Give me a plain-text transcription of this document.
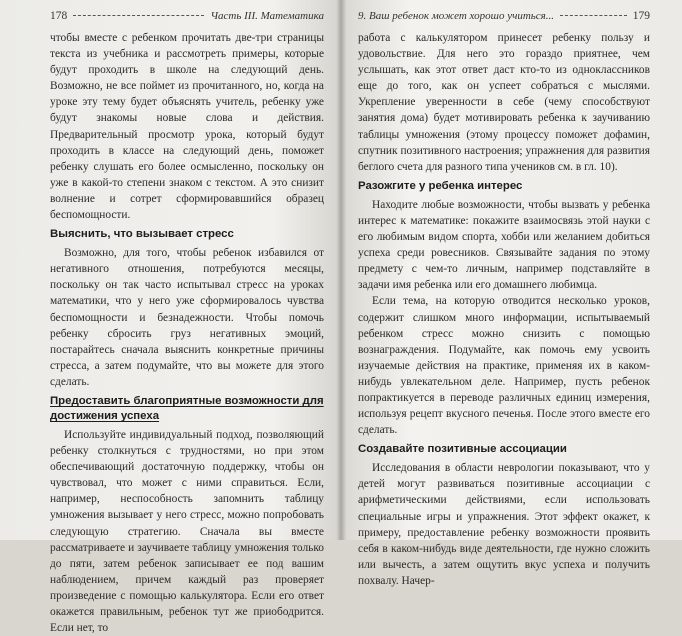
178	Часть III. Математика

чтобы вместе с ребенком прочитать две-три страницы текста из учебника и рассмотреть примеры, которые будут проходить в школе на следующий день. Возможно, не все поймет из прочитанного, но, когда на уроке эту тему будет объяснять учитель, ребенку уже будут знакомы новые слова и действия. Предварительный просмотр урока, который будут проходить в классе на следующий день, поможет ребенку слушать его более осмысленно, поскольку он уже в какой-то степени знаком с текстом. А это снизит волнение и сотрет сформировавшийся образец беспомощности.

Выяснить, что вызывает стресс

Возможно, для того, чтобы ребенок избавился от негативного отношения, потребуются месяцы, поскольку он так часто испытывал стресс на уроках математики, что у него уже сформировалось чувства беспомощности и безнадежности. Чтобы помочь ребенку сбросить груз негативных эмоций, постарайтесь сначала выяснить конкретные причины стресса, а затем подумайте, что вы можете для этого сделать.

Предоставить благоприятные возможности для достижения успеха

Используйте индивидуальный подход, позволяющий ребенку столкнуться с трудностями, но при этом обеспечивающий достаточную поддержку, чтобы он чувствовал, что может с ними справиться. Если, например, неспособность запомнить таблицу умножения вызывает у него стресс, можно попробовать следующую стратегию. Сначала вы вместе рассматриваете и заучиваете таблицу умножения только до пяти, затем ребенок записывает ее под вашим наблюдением, причем каждый раз проверяет произведение с помощью калькулятора. Если его ответ окажется правильным, ребенок тут же приободрится. Если нет, то

9. Ваш ребенок может хорошо учиться...	179

работа с калькулятором принесет ребенку пользу и удовольствие. Для него это гораздо приятнее, чем услышать, как этот ответ даст кто-то из одноклассников еще до того, как он успеет собраться с мыслями. Укрепление уверенности в себе (чему способствуют занятия дома) будет мотивировать ребенка к заучиванию таблицы умножения (этому процессу поможет дофамин, спутник позитивного настроения; упражнения для развития беглого счета для разного типа учеников см. в гл. 10).

Разожгите у ребенка интерес

Находите любые возможности, чтобы вызвать у ребенка интерес к математике: покажите взаимосвязь этой науки с его любимым видом спорта, хобби или желанием добиться успеха среди ровесников. Связывайте задания по этому предмету с чем-то личным, например подставляйте в задачи имя ребенка или его домашнего любимца.

Если тема, на которую отводится несколько уроков, содержит слишком много информации, испытываемый ребенком стресс можно снизить с помощью вознаграждения. Подумайте, как помочь ему усвоить изучаемые действия на практике, применяя их в каком-нибудь увлекательном деле. Например, пусть ребенок попрактикуется в переводе различных единиц измерения, используя рецепт вкусного печенья. После этого вместе его сделать.

Создавайте позитивные ассоциации

Исследования в области неврологии показывают, что у детей могут развиваться позитивные ассоциации с арифметическими действиями, если использовать специальные игры и упражнения. Этот эффект окажет, к примеру, предоставление ребенку возможности проявить себя в каком-нибудь виде деятельности, где нужно сложить или вычесть, а затем ощутить вкус успеха и получить похвалу. Начер-
